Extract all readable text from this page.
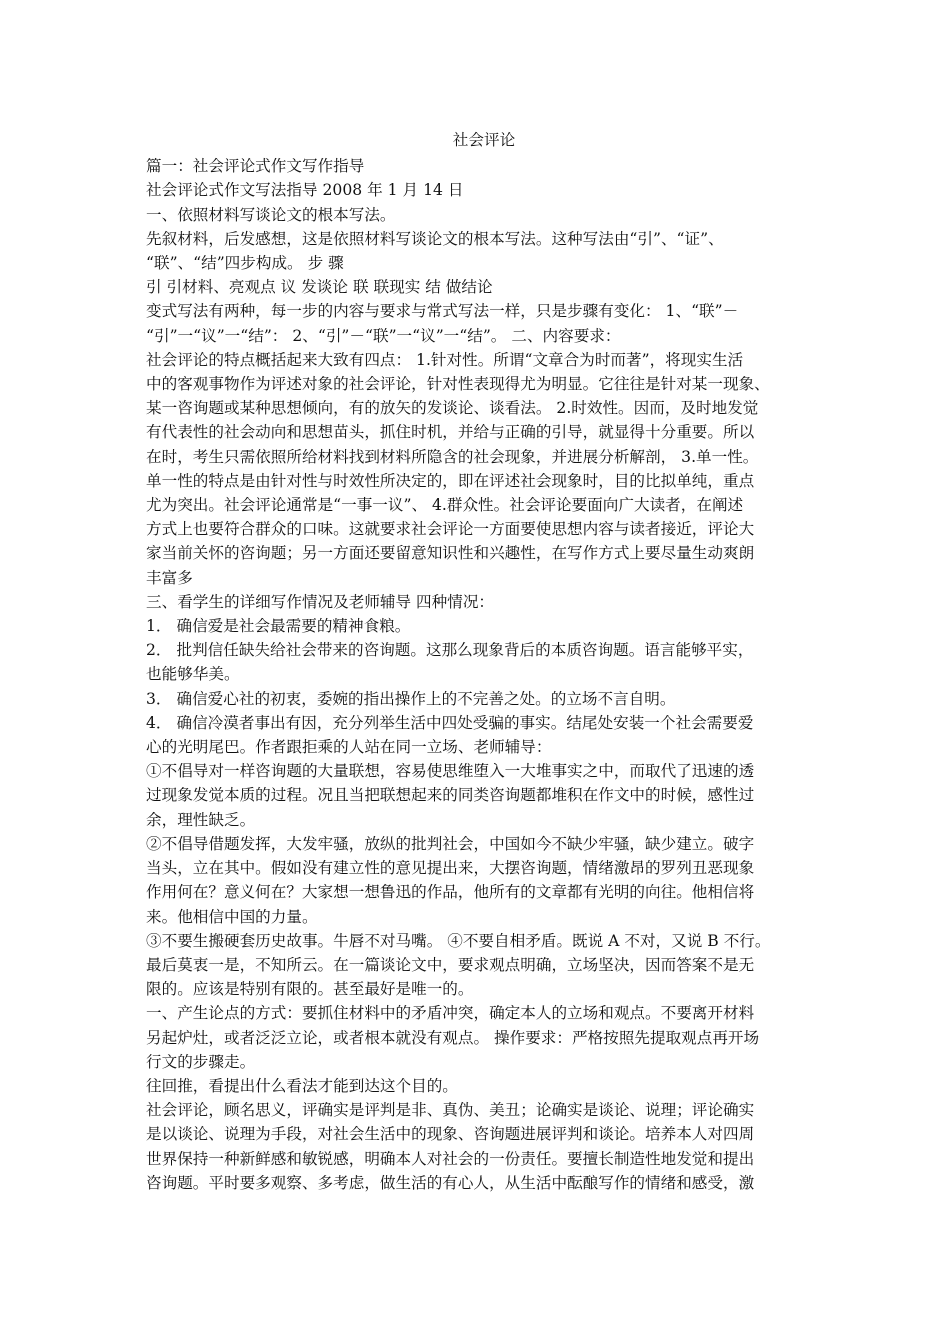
社会评论
篇一：社会评论式作文写作指导
社会评论式作文写法指导 2008 年 1 月 14 日
一、依照材料写谈论文的根本写法。
先叙材料，后发感想，这是依照材料写谈论文的根本写法。这种写法由“引”、“证”、
“联”、“结”四步构成。 步 骤
引 引材料、亮观点 议 发谈论 联 联现实 结 做结论
变式写法有两种，每一步的内容与要求与常式写法一样，只是步骤有变化： 1、“联”－
“引”一“议”一“结”： 2、“引”－“联”一“议”一“结”。 二、内容要求：
社会评论的特点概括起来大致有四点： 1.针对性。所谓“文章合为时而著”，将现实生活
中的客观事物作为评述对象的社会评论，针对性表现得尤为明显。它往往是针对某一现象、
某一咨询题或某种思想倾向，有的放矢的发谈论、谈看法。 2.时效性。因而，及时地发觉
有代表性的社会动向和思想苗头，抓住时机，并给与正确的引导，就显得十分重要。所以
在时，考生只需依照所给材料找到材料所隐含的社会现象，并进展分析解剖， 3.单一性。
单一性的特点是由针对性与时效性所决定的，即在评述社会现象时，目的比拟单纯，重点
尤为突出。社会评论通常是“一事一议”、 4.群众性。社会评论要面向广大读者，在阐述
方式上也要符合群众的口味。这就要求社会评论一方面要使思想内容与读者接近，评论大
家当前关怀的咨询题；另一方面还要留意知识性和兴趣性，在写作方式上要尽量生动爽朗
丰富多
三、看学生的详细写作情况及老师辅导 四种情况：
1． 确信爱是社会最需要的精神食粮。
2． 批判信任缺失给社会带来的咨询题。这那么现象背后的本质咨询题。语言能够平实，
也能够华美。
3． 确信爱心社的初衷，委婉的指出操作上的不完善之处。的立场不言自明。
4． 确信冷漠者事出有因，充分列举生活中四处受骗的事实。结尾处安装一个社会需要爱
心的光明尾巴。作者跟拒乘的人站在同一立场、老师辅导：
①不倡导对一样咨询题的大量联想，容易使思维堕入一大堆事实之中，而取代了迅速的透
过现象发觉本质的过程。况且当把联想起来的同类咨询题都堆积在作文中的时候，感性过
余，理性缺乏。
②不倡导借题发挥，大发牢骚，放纵的批判社会，中国如今不缺少牢骚，缺少建立。破字
当头，立在其中。假如没有建立性的意见提出来，大摆咨询题，情绪激昂的罗列丑恶现象
作用何在？意义何在？大家想一想鲁迅的作品，他所有的文章都有光明的向往。他相信将
来。他相信中国的力量。
③不要生搬硬套历史故事。牛唇不对马嘴。 ④不要自相矛盾。既说 A 不对，又说 B 不行。
最后莫衷一是，不知所云。在一篇谈论文中，要求观点明确，立场坚决，因而答案不是无
限的。应该是特别有限的。甚至最好是唯一的。
一、产生论点的方式：要抓住材料中的矛盾冲突，确定本人的立场和观点。不要离开材料
另起炉灶，或者泛泛立论，或者根本就没有观点。 操作要求：严格按照先提取观点再开场
行文的步骤走。
往回推，看提出什么看法才能到达这个目的。
社会评论，顾名思义，评确实是评判是非、真伪、美丑；论确实是谈论、说理；评论确实
是以谈论、说理为手段，对社会生活中的现象、咨询题进展评判和谈论。培养本人对四周
世界保持一种新鲜感和敏锐感，明确本人对社会的一份责任。要擅长制造性地发觉和提出
咨询题。平时要多观察、多考虑，做生活的有心人，从生活中酝酿写作的情绪和感受，激
